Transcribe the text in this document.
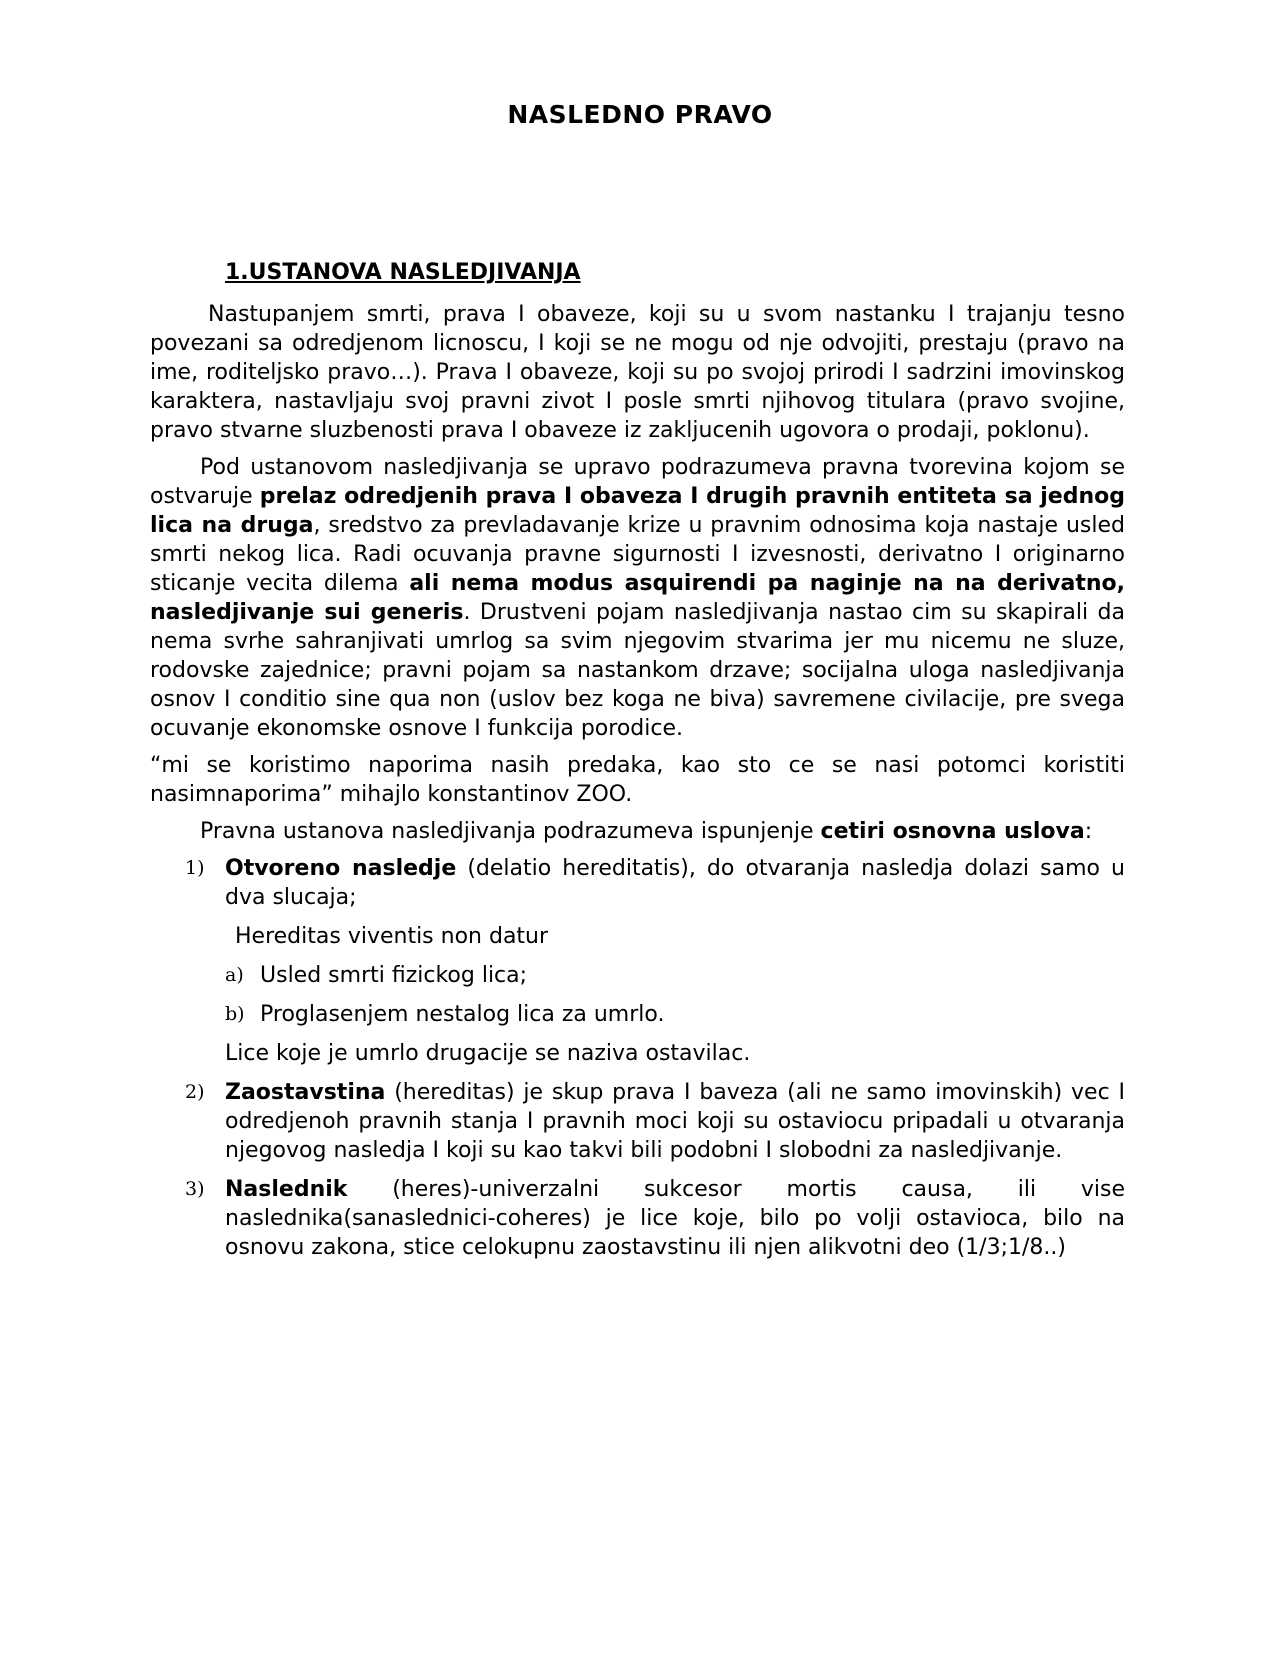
NASLEDNO PRAVO
1.USTANOVA NASLEDJIVANJA

Nastupanjem smrti, prava I obaveze, koji su u svom nastanku I trajanju tesno povezani sa odredjenom licnoscu, I koji se ne mogu od nje odvojiti, prestaju (pravo na ime, roditeljsko pravo…). Prava I obaveze, koji su po svojoj prirodi I sadrzini imovinskog karaktera, nastavljaju svoj pravni zivot I posle smrti njihovog titulara (pravo svojine, pravo stvarne sluzbenosti prava I obaveze iz zakljucenih ugovora o prodaji, poklonu).

Pod ustanovom nasledjivanja se upravo podrazumeva pravna tvorevina kojom se ostvaruje prelaz odredjenih prava I obaveza I drugih pravnih entiteta sa jednog lica na druga, sredstvo za prevladavanje krize u pravnim odnosima koja nastaje usled smrti nekog lica. Radi ocuvanja pravne sigurnosti I izvesnosti, derivatno I originarno sticanje vecita dilema ali nema modus asquirendi pa naginje na na derivatno, nasledjivanje sui generis. Drustveni pojam nasledjivanja nastao cim su skapirali da nema svrhe sahranjivati umrlog sa svim njegovim stvarima jer mu nicemu ne sluze, rodovske zajednice; pravni pojam sa nastankom drzave; socijalna uloga nasledjivanja osnov I conditio sine qua non (uslov bez koga ne biva) savremene civilacije, pre svega ocuvanje ekonomske osnove I funkcija porodice.

“mi se koristimo naporima nasih predaka, kao sto ce se nasi potomci koristiti nasimnaporima” mihajlo konstantinov ZOO.

Pravna ustanova nasledjivanja podrazumeva ispunjenje cetiri osnovna uslova:

1) Otvoreno nasledje (delatio hereditatis), do otvaranja nasledja dolazi samo u dva slucaja;
Hereditas viventis non datur
a) Usled smrti fizickog lica;
b) Proglasenjem nestalog lica za umrlo.
Lice koje je umrlo drugacije se naziva ostavilac.
2) Zaostavstina (hereditas) je skup prava I baveza (ali ne samo imovinskih) vec I odredjenoh pravnih stanja I pravnih moci koji su ostaviocu pripadali u otvaranja njegovog nasledja I koji su kao takvi bili podobni I slobodni za nasledjivanje.
3) Naslednik (heres)-univerzalni sukcesor mortis causa, ili vise naslednika(sanaslednici-coheres) je lice koje, bilo po volji ostavioca, bilo na osnovu zakona, stice celokupnu zaostavstinu ili njen alikvotni deo (1/3;1/8..)
